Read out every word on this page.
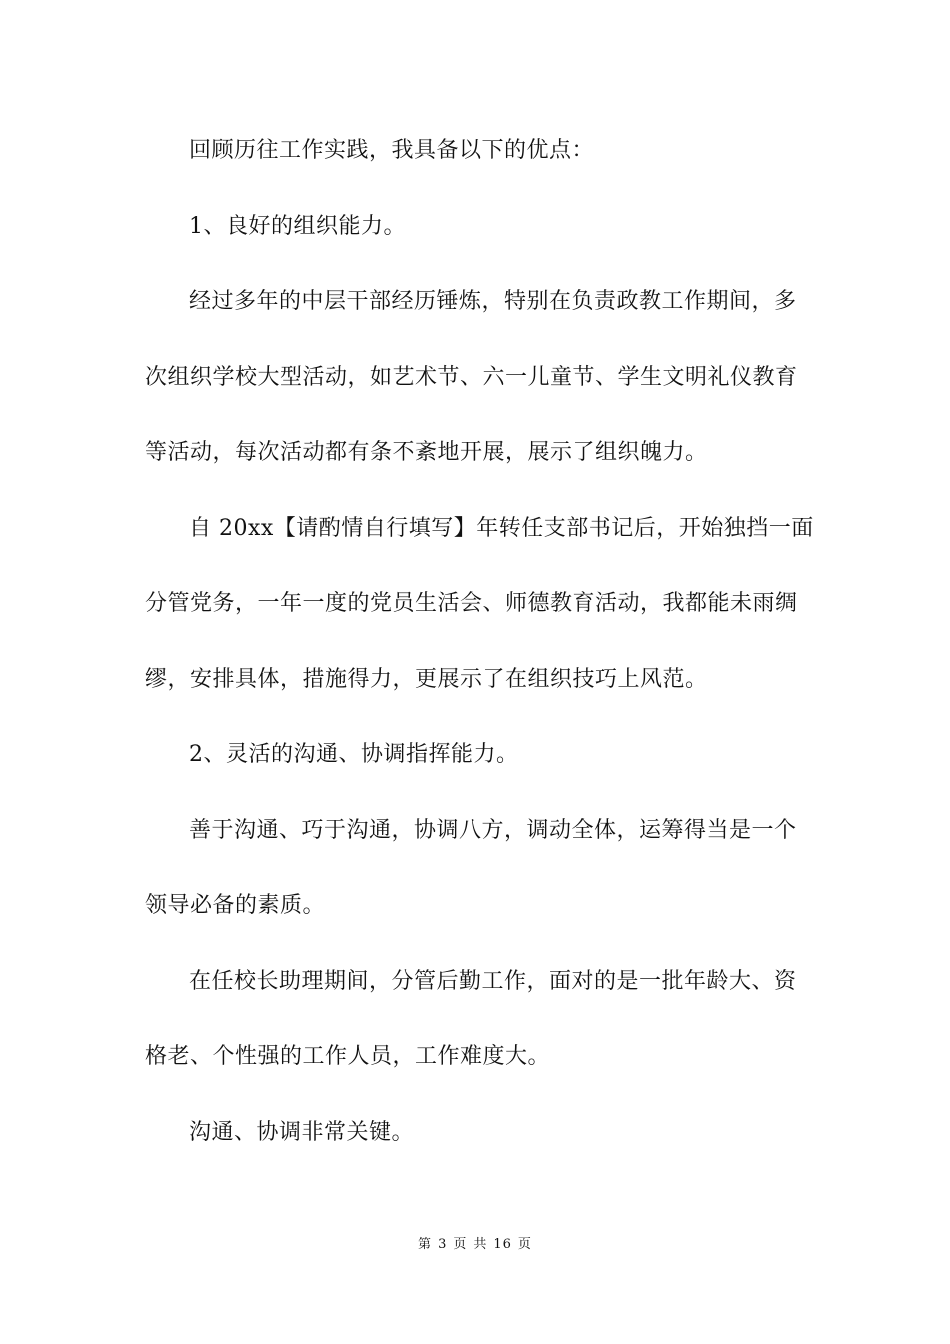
回顾历往工作实践，我具备以下的优点：

1、良好的组织能力。

经过多年的中层干部经历锤炼，特别在负责政教工作期间，多

次组织学校大型活动，如艺术节、六一儿童节、学生文明礼仪教育

等活动，每次活动都有条不紊地开展，展示了组织魄力。

自 20xx【请酌情自行填写】年转任支部书记后，开始独挡一面

分管党务，一年一度的党员生活会、师德教育活动，我都能未雨绸

缪，安排具体，措施得力，更展示了在组织技巧上风范。

2、灵活的沟通、协调指挥能力。

善于沟通、巧于沟通，协调八方，调动全体，运筹得当是一个

领导必备的素质。

在任校长助理期间，分管后勤工作，面对的是一批年龄大、资

格老、个性强的工作人员，工作难度大。

沟通、协调非常关键。

第 3 页 共 16 页
